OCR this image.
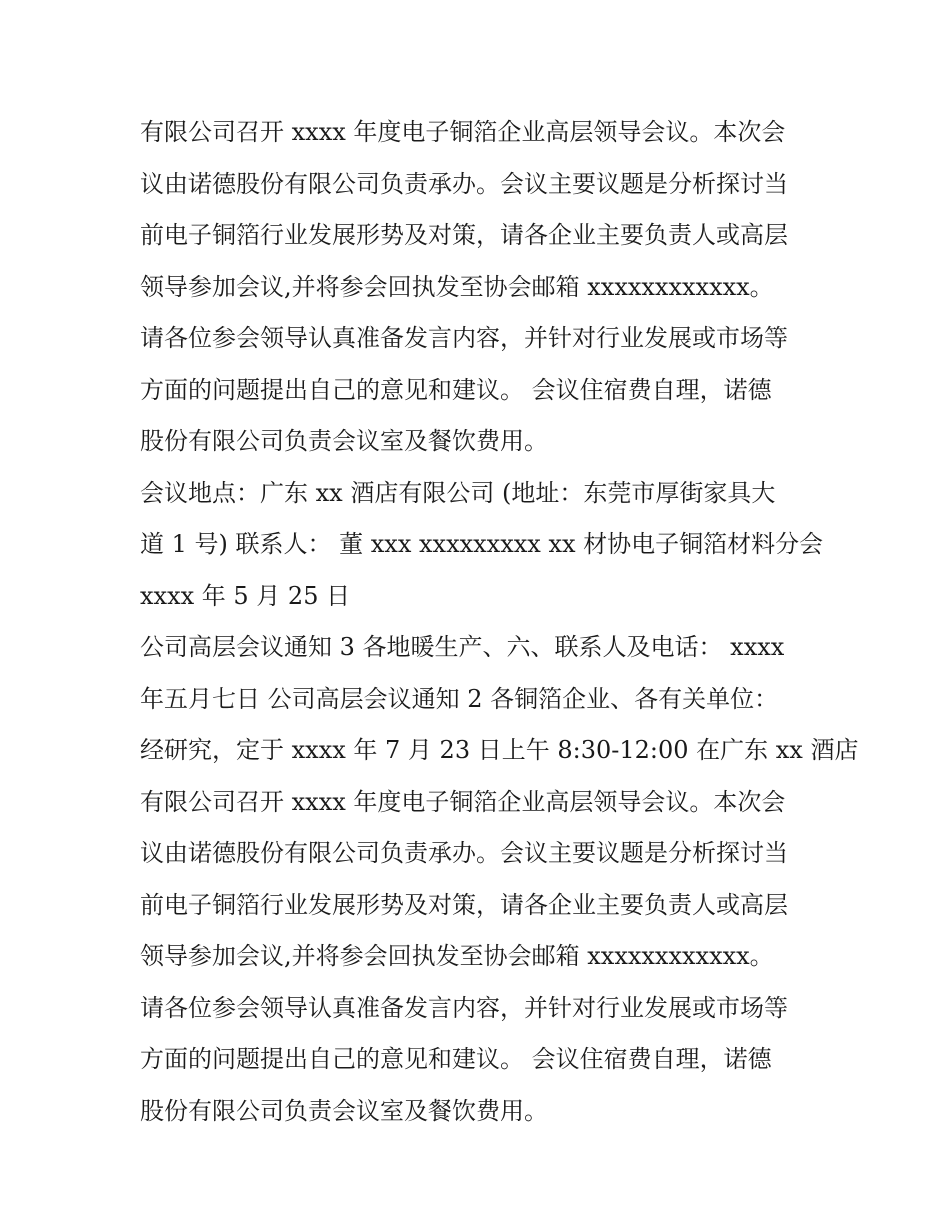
有限公司召开 xxxx 年度电子铜箔企业高层领导会议。本次会
议由诺德股份有限公司负责承办。会议主要议题是分析探讨当
前电子铜箔行业发展形势及对策，请各企业主要负责人或高层
领导参加会议,并将参会回执发至协会邮箱 xxxxxxxxxxxx。
请各位参会领导认真准备发言内容，并针对行业发展或市场等
方面的问题提出自己的意见和建议。 会议住宿费自理，诺德
股份有限公司负责会议室及餐饮费用。
会议地点：广东 xx 酒店有限公司 (地址：东莞市厚街家具大
道 1 号) 联系人： 董 xxx xxxxxxxxx xx 材协电子铜箔材料分会
xxxx 年 5 月 25 日
公司高层会议通知 3 各地暖生产、六、联系人及电话： xxxx
年五月七日 公司高层会议通知 2 各铜箔企业、各有关单位：
经研究，定于 xxxx 年 7 月 23 日上午 8:30-12:00 在广东 xx 酒店
有限公司召开 xxxx 年度电子铜箔企业高层领导会议。本次会
议由诺德股份有限公司负责承办。会议主要议题是分析探讨当
前电子铜箔行业发展形势及对策，请各企业主要负责人或高层
领导参加会议,并将参会回执发至协会邮箱 xxxxxxxxxxxx。
请各位参会领导认真准备发言内容，并针对行业发展或市场等
方面的问题提出自己的意见和建议。 会议住宿费自理，诺德
股份有限公司负责会议室及餐饮费用。
